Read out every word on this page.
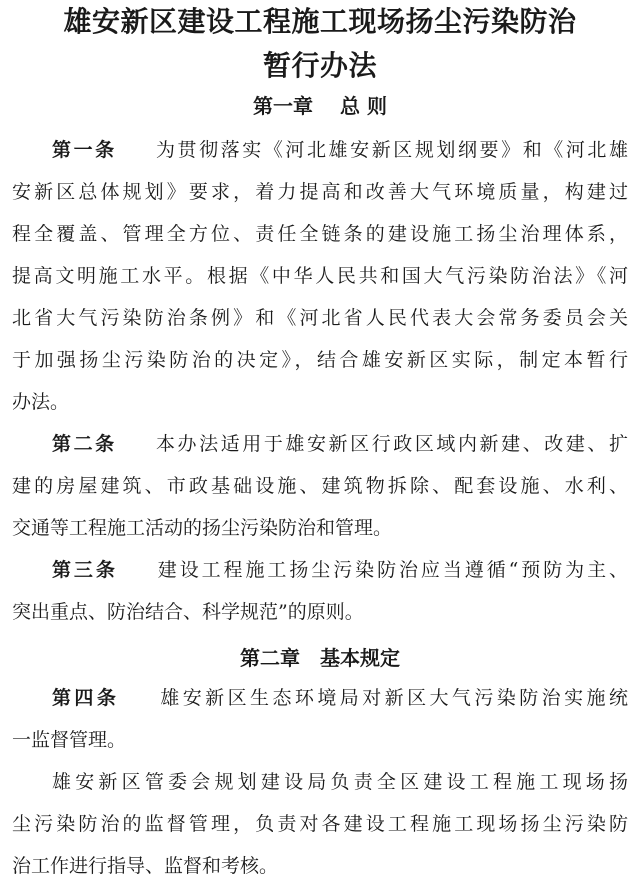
雄安新区建设工程施工现场扬尘污染防治
暂行办法
第一章　 总 则
第一条 为贯彻落实《河北雄安新区规划纲要》和《河北雄
安新区总体规划》要求，着力提高和改善大气环境质量，构建过
程全覆盖、管理全方位、责任全链条的建设施工扬尘治理体系，
提高文明施工水平。根据《中华人民共和国大气污染防治法》《河
北省大气污染防治条例》和《河北省人民代表大会常务委员会关
于加强扬尘污染防治的决定》，结合雄安新区实际，制定本暂行
办法。
第二条 本办法适用于雄安新区行政区域内新建、改建、扩
建的房屋建筑、市政基础设施、建筑物拆除、配套设施、水利、
交通等工程施工活动的扬尘污染防治和管理。
第三条 建设工程施工扬尘污染防治应当遵循“预防为主、
突出重点、防治结合、科学规范”的原则。
第二章　基本规定
第四条 雄安新区生态环境局对新区大气污染防治实施统
一监督管理。
雄安新区管委会规划建设局负责全区建设工程施工现场扬
尘污染防治的监督管理，负责对各建设工程施工现场扬尘污染防
治工作进行指导、监督和考核。
